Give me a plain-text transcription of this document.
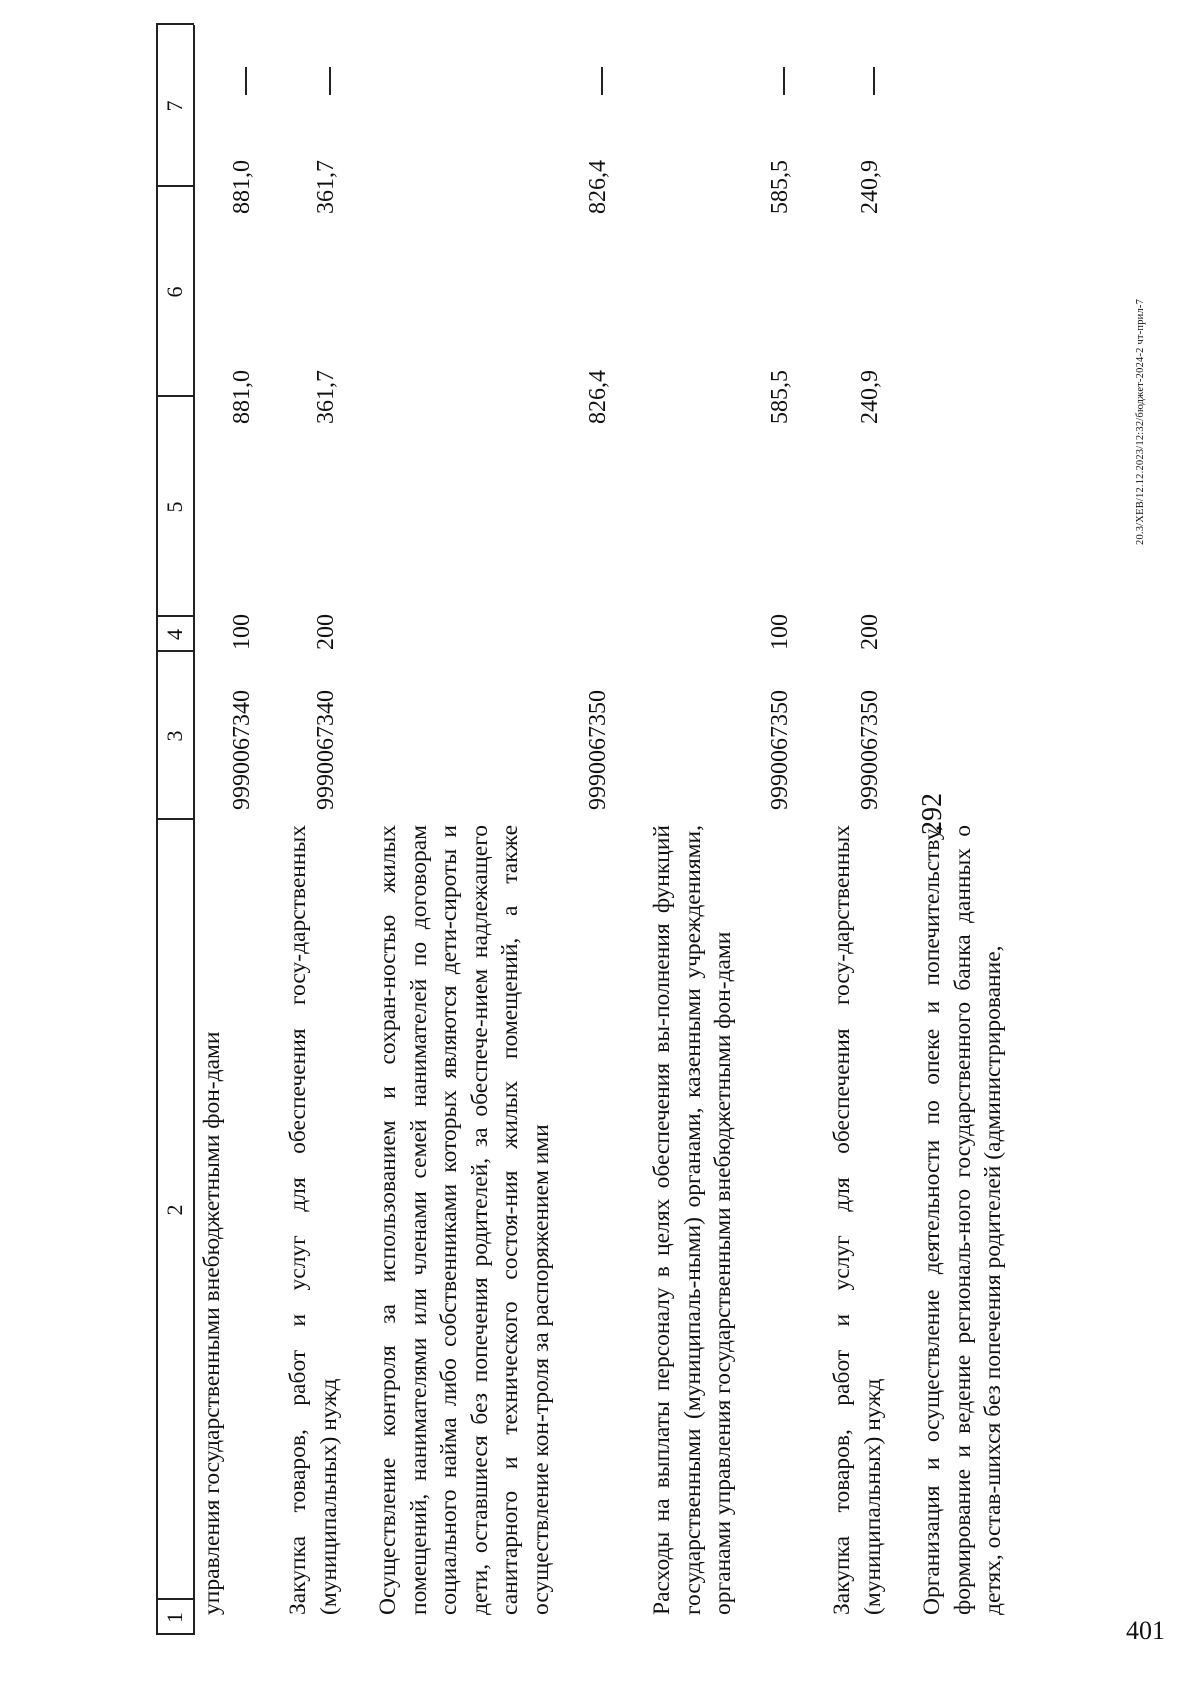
292
1
2
3
4
5
6
7
управления государственными внебюджетными фон-дами
9990067340
100
881,0
881,0
Закупка товаров, работ и услуг для обеспечения госу-дарственных (муниципальных) нужд
9990067340
200
361,7
361,7
Осуществление контроля за использованием и сохран-ностью жилых помещений, нанимателями или членами семей нанимателей по договорам социального найма либо собственниками которых являются дети-сироты и дети, оставшиеся без попечения родителей, за обеспече-нием надлежащего санитарного и технического состоя-ния жилых помещений, а также осуществление кон-троля за распоряжением ими
9990067350
826,4
826,4
Расходы на выплаты персоналу в целях обеспечения вы-полнения функций государственными (муниципаль-ными) органами, казенными учреждениями, органами управления государственными внебюджетными фон-дами
9990067350
100
585,5
585,5
Закупка товаров, работ и услуг для обеспечения госу-дарственных (муниципальных) нужд
9990067350
200
240,9
240,9
Организация и осуществление деятельности по опеке и попечительству, формирование и ведение региональ-ного государственного банка данных о детях, остав-шихся без попечения родителей (администрирование,
20.3/ХЕВ/12.12.2023/12:32/бюджет-2024-2 чт-прил-7
401
